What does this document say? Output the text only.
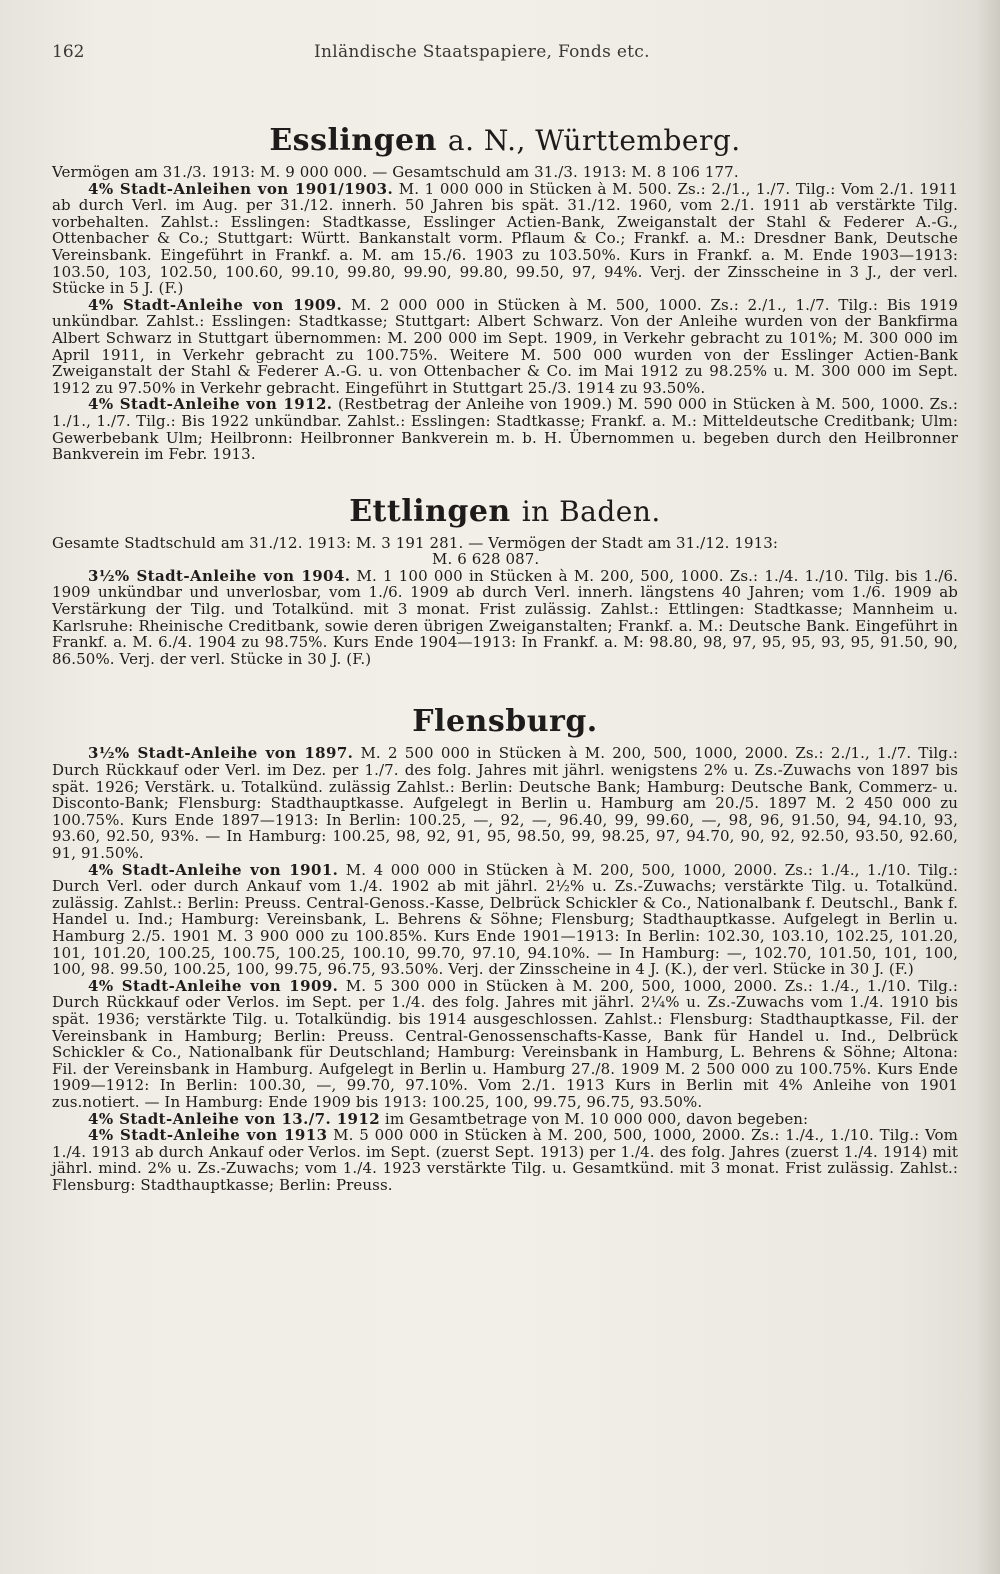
162	Inländische Staatspapiere, Fonds etc.
Esslingen a. N., Württemberg.

Vermögen am 31./3. 1913: M. 9 000 000. — Gesamtschuld am 31./3. 1913: M. 8 106 177.

4% Stadt-Anleihen von 1901/1903. M. 1 000 000 in Stücken à M. 500. Zs.: 2./1., 1./7. Tilg.: Vom 2./1. 1911 ab durch Verl. im Aug. per 31./12. innerh. 50 Jahren bis spät. 31./12. 1960, vom 2./1. 1911 ab verstärkte Tilg. vorbehalten. Zahlst.: Esslingen: Stadtkasse, Esslinger Actien-Bank, Zweiganstalt der Stahl & Federer A.-G., Ottenbacher & Co.; Stuttgart: Württ. Bankanstalt vorm. Pflaum & Co.; Frankf. a. M.: Dresdner Bank, Deutsche Vereinsbank. Eingeführt in Frankf. a. M. am 15./6. 1903 zu 103.50%. Kurs in Frankf. a. M. Ende 1903—1913: 103.50, 103, 102.50, 100.60, 99.10, 99.80, 99.90, 99.80, 99.50, 97, 94%. Verj. der Zinsscheine in 3 J., der verl. Stücke in 5 J. (F.)

4% Stadt-Anleihe von 1909. M. 2 000 000 in Stücken à M. 500, 1000. Zs.: 2./1., 1./7. Tilg.: Bis 1919 unkündbar. Zahlst.: Esslingen: Stadtkasse; Stuttgart: Albert Schwarz. Von der Anleihe wurden von der Bankfirma Albert Schwarz in Stuttgart übernommen: M. 200 000 im Sept. 1909, in Verkehr gebracht zu 101%; M. 300 000 im April 1911, in Verkehr gebracht zu 100.75%. Weitere M. 500 000 wurden von der Esslinger Actien-Bank Zweiganstalt der Stahl & Federer A.-G. u. von Ottenbacher & Co. im Mai 1912 zu 98.25% u. M. 300 000 im Sept. 1912 zu 97.50% in Verkehr gebracht. Eingeführt in Stuttgart 25./3. 1914 zu 93.50%.

4% Stadt-Anleihe von 1912. (Restbetrag der Anleihe von 1909.) M. 590 000 in Stücken à M. 500, 1000. Zs.: 1./1., 1./7. Tilg.: Bis 1922 unkündbar. Zahlst.: Esslingen: Stadtkasse; Frankf. a. M.: Mitteldeutsche Creditbank; Ulm: Gewerbebank Ulm; Heilbronn: Heilbronner Bankverein m. b. H. Übernommen u. begeben durch den Heilbronner Bankverein im Febr. 1913.

Ettlingen in Baden.

Gesamte Stadtschuld am 31./12. 1913: M. 3 191 281. — Vermögen der Stadt am 31./12. 1913:

M. 6 628 087.

3½% Stadt-Anleihe von 1904. M. 1 100 000 in Stücken à M. 200, 500, 1000. Zs.: 1./4. 1./10. Tilg. bis 1./6. 1909 unkündbar und unverlosbar, vom 1./6. 1909 ab durch Verl. innerh. längstens 40 Jahren; vom 1./6. 1909 ab Verstärkung der Tilg. und Totalkünd. mit 3 monat. Frist zulässig. Zahlst.: Ettlingen: Stadtkasse; Mannheim u. Karlsruhe: Rheinische Creditbank, sowie deren übrigen Zweiganstalten; Frankf. a. M.: Deutsche Bank. Eingeführt in Frankf. a. M. 6./4. 1904 zu 98.75%. Kurs Ende 1904—1913: In Frankf. a. M: 98.80, 98, 97, 95, 95, 93, 95, 91.50, 90, 86.50%. Verj. der verl. Stücke in 30 J. (F.)

Flensburg.

3½% Stadt-Anleihe von 1897. M. 2 500 000 in Stücken à M. 200, 500, 1000, 2000. Zs.: 2./1., 1./7. Tilg.: Durch Rückkauf oder Verl. im Dez. per 1./7. des folg. Jahres mit jährl. wenigstens 2% u. Zs.-Zuwachs von 1897 bis spät. 1926; Verstärk. u. Totalkünd. zulässig Zahlst.: Berlin: Deutsche Bank; Hamburg: Deutsche Bank, Commerz- u. Disconto-Bank; Flensburg: Stadthauptkasse. Aufgelegt in Berlin u. Hamburg am 20./5. 1897 M. 2 450 000 zu 100.75%. Kurs Ende 1897—1913: In Berlin: 100.25, —, 92, —, 96.40, 99, 99.60, —, 98, 96, 91.50, 94, 94.10, 93, 93.60, 92.50, 93%. — In Hamburg: 100.25, 98, 92, 91, 95, 98.50, 99, 98.25, 97, 94.70, 90, 92, 92.50, 93.50, 92.60, 91, 91.50%.

4% Stadt-Anleihe von 1901. M. 4 000 000 in Stücken à M. 200, 500, 1000, 2000. Zs.: 1./4., 1./10. Tilg.: Durch Verl. oder durch Ankauf vom 1./4. 1902 ab mit jährl. 2½% u. Zs.-Zuwachs; verstärkte Tilg. u. Totalkünd. zulässig. Zahlst.: Berlin: Preuss. Central-Genoss.-Kasse, Delbrück Schickler & Co., Nationalbank f. Deutschl., Bank f. Handel u. Ind.; Hamburg: Vereinsbank, L. Behrens & Söhne; Flensburg; Stadthauptkasse. Aufgelegt in Berlin u. Hamburg 2./5. 1901 M. 3 900 000 zu 100.85%. Kurs Ende 1901—1913: In Berlin: 102.30, 103.10, 102.25, 101.20, 101, 101.20, 100.25, 100.75, 100.25, 100.10, 99.70, 97.10, 94.10%. — In Hamburg: —, 102.70, 101.50, 101, 100, 100, 98. 99.50, 100.25, 100, 99.75, 96.75, 93.50%. Verj. der Zinsscheine in 4 J. (K.), der verl. Stücke in 30 J. (F.)

4% Stadt-Anleihe von 1909. M. 5 300 000 in Stücken à M. 200, 500, 1000, 2000. Zs.: 1./4., 1./10. Tilg.: Durch Rückkauf oder Verlos. im Sept. per 1./4. des folg. Jahres mit jährl. 2¼% u. Zs.-Zuwachs vom 1./4. 1910 bis spät. 1936; verstärkte Tilg. u. Totalkündig. bis 1914 ausgeschlossen. Zahlst.: Flensburg: Stadthauptkasse, Fil. der Vereinsbank in Hamburg; Berlin: Preuss. Central-Genossenschafts-Kasse, Bank für Handel u. Ind., Delbrück Schickler & Co., Nationalbank für Deutschland; Hamburg: Vereinsbank in Hamburg, L. Behrens & Söhne; Altona: Fil. der Vereinsbank in Hamburg. Aufgelegt in Berlin u. Hamburg 27./8. 1909 M. 2 500 000 zu 100.75%. Kurs Ende 1909—1912: In Berlin: 100.30, —, 99.70, 97.10%. Vom 2./1. 1913 Kurs in Berlin mit 4% Anleihe von 1901 zus.notiert. — In Hamburg: Ende 1909 bis 1913: 100.25, 100, 99.75, 96.75, 93.50%.

4% Stadt-Anleihe von 13./7. 1912 im Gesamtbetrage von M. 10 000 000, davon begeben:

4% Stadt-Anleihe von 1913 M. 5 000 000 in Stücken à M. 200, 500, 1000, 2000. Zs.: 1./4., 1./10. Tilg.: Vom 1./4. 1913 ab durch Ankauf oder Verlos. im Sept. (zuerst Sept. 1913) per 1./4. des folg. Jahres (zuerst 1./4. 1914) mit jährl. mind. 2% u. Zs.-Zuwachs; vom 1./4. 1923 verstärkte Tilg. u. Gesamtkünd. mit 3 monat. Frist zulässig. Zahlst.: Flensburg: Stadthauptkasse; Berlin: Preuss.
